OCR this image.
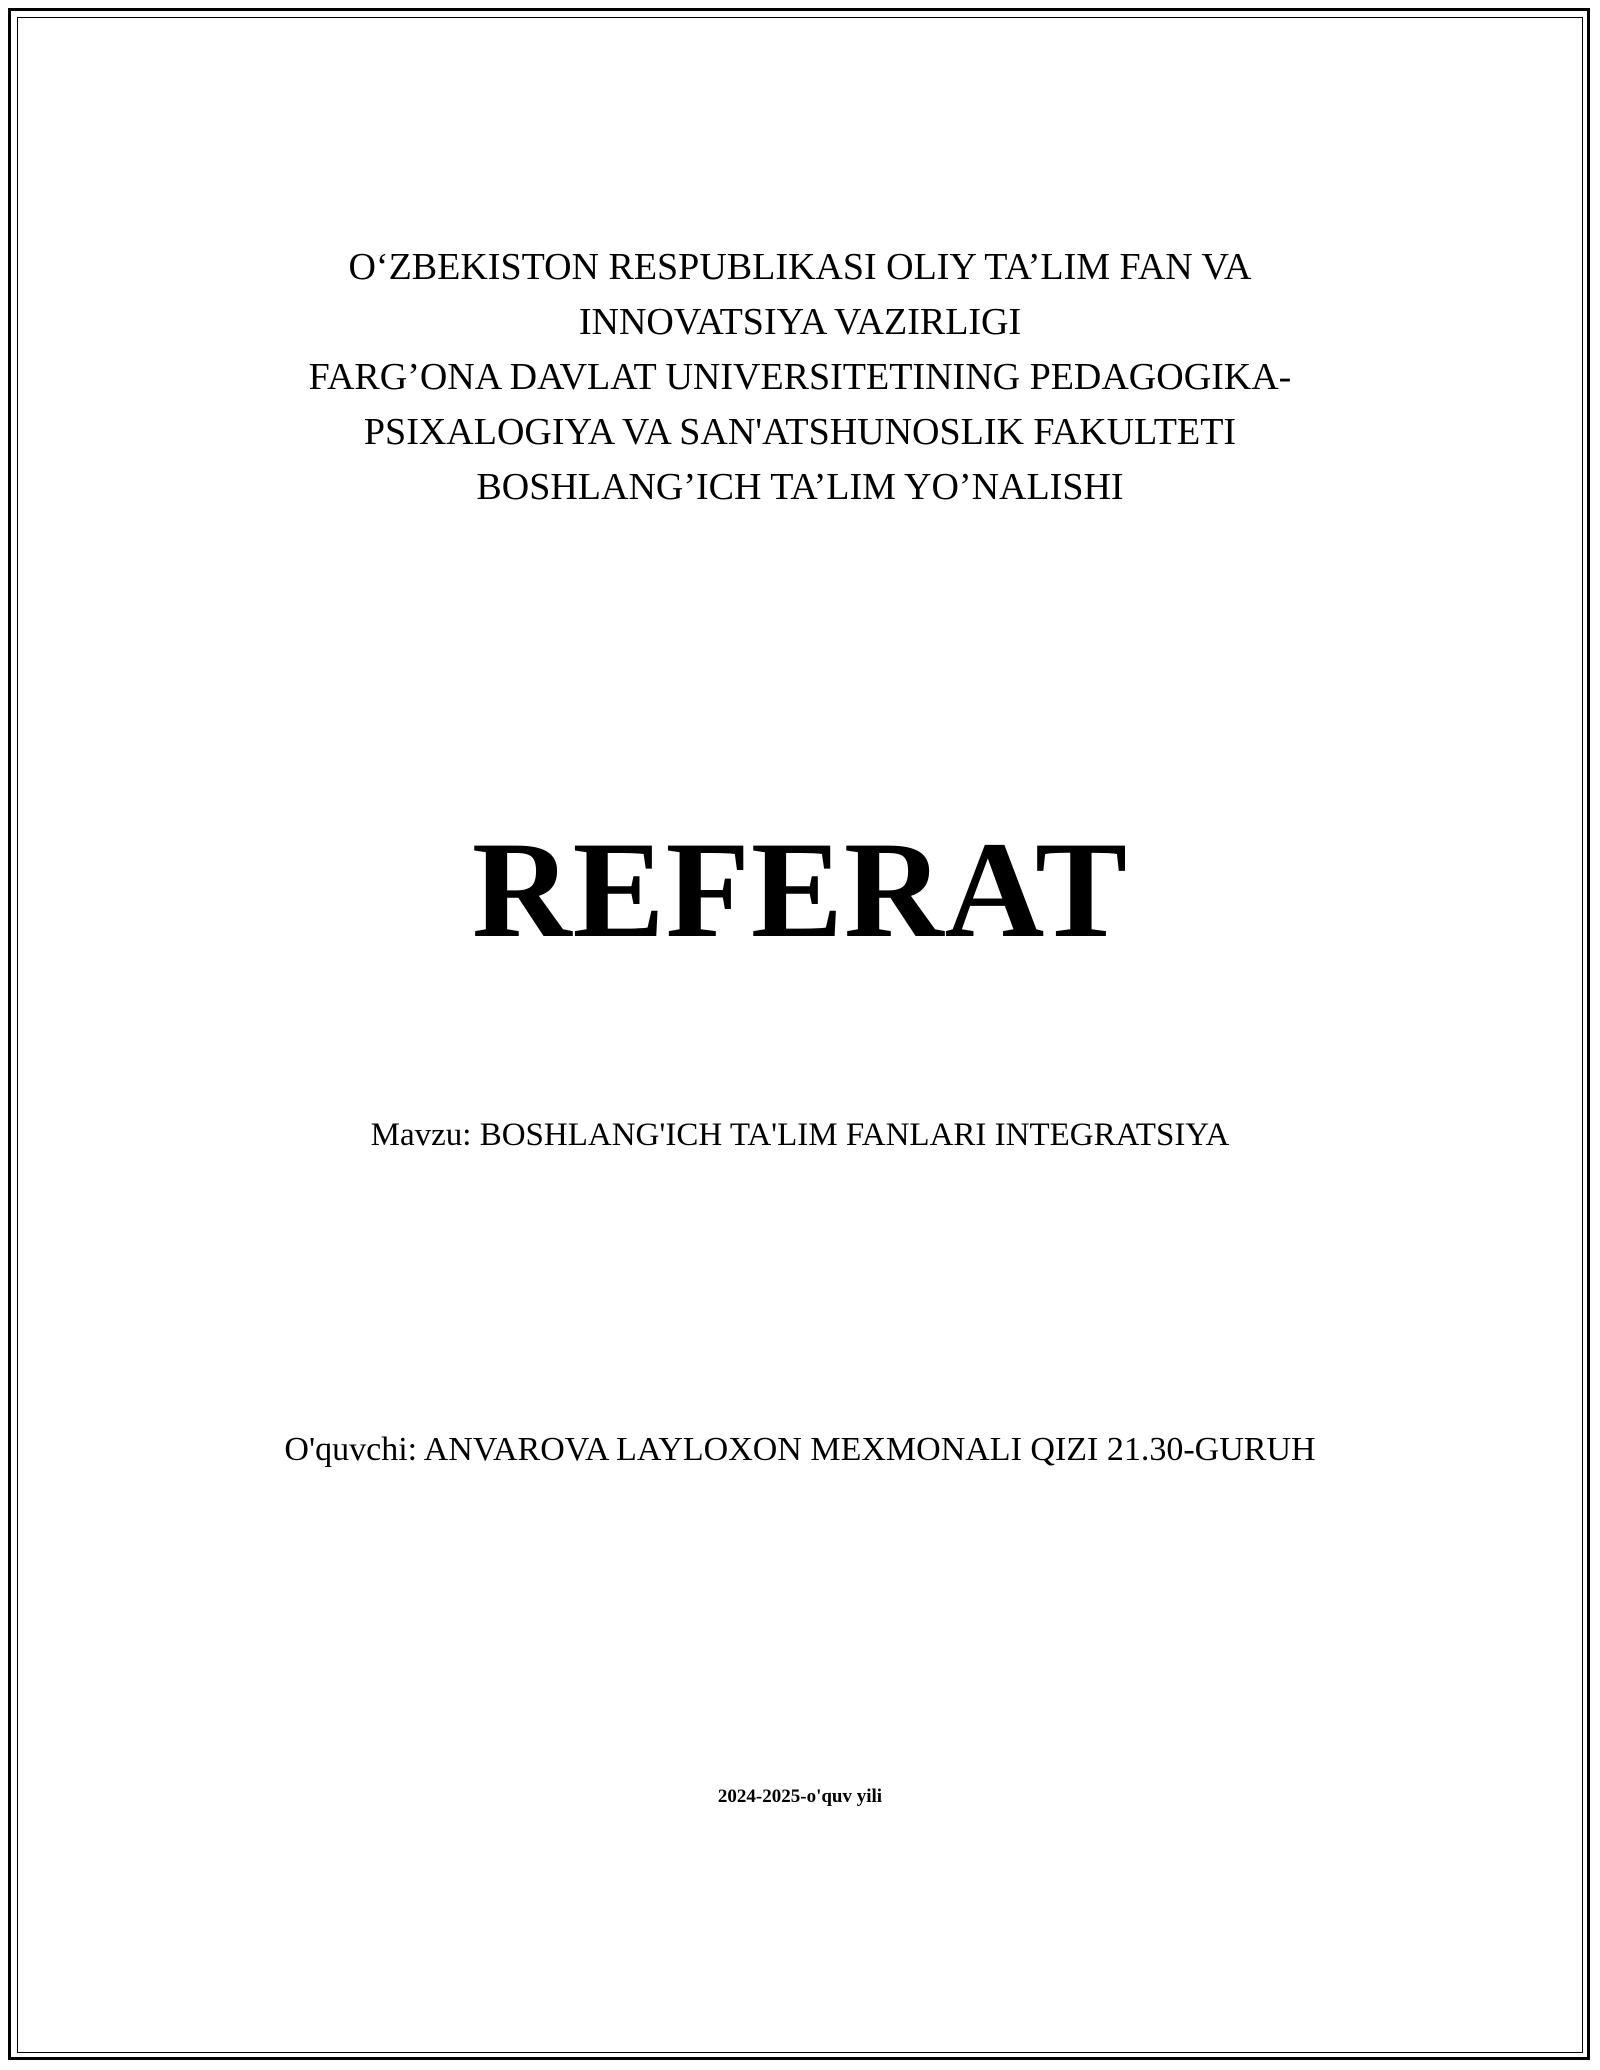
O‘ZBEKISTON RESPUBLIKASI OLIY TA’LIM FAN VA
INNOVATSIYA VAZIRLIGI
FARG’ONA DAVLAT UNIVERSITETINING PEDAGOGIKA-
PSIXALOGIYA VA SAN'ATSHUNOSLIK FAKULTETI
BOSHLANG’ICH TA’LIM YO’NALISHI
REFERAT
Mavzu: BOSHLANG'ICH TA'LIM FANLARI INTEGRATSIYA
O'quvchi: ANVAROVA LAYLOXON MEXMONALI QIZI 21.30-GURUH
2024-2025-o'quv yili
